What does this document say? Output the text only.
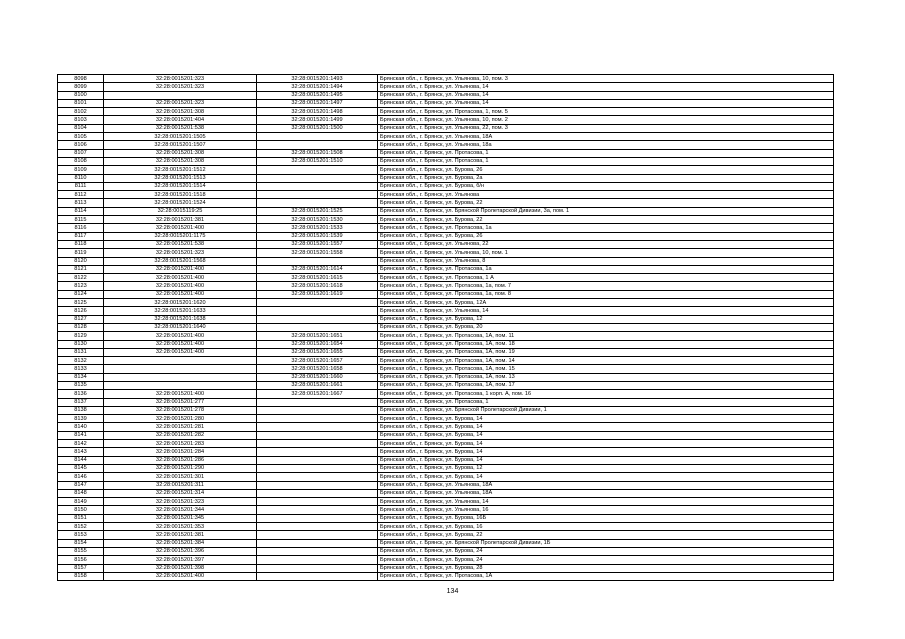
8098	32:28:0015201:323	32:28:0015201:1493	Брянская обл., г. Брянск, ул. Ульянова, 10, пом. 3
8099	32:28:0015201:323	32:28:0015201:1494	Брянская обл., г. Брянск, ул. Ульянова, 14
8100		32:28:0015201:1495	Брянская обл., г. Брянск, ул. Ульянова, 14
8101	32:28:0015201:323	32:28:0015201:1497	Брянская обл., г. Брянск, ул. Ульянова, 14
8102	32:28:0015201:308	32:28:0015201:1498	Брянская обл., г. Брянск, ул. Протасова, 1, пом. 5
8103	32:28:0015201:404	32:28:0015201:1499	Брянская обл., г. Брянск, ул. Ульянова, 10, пом. 2
8104	32:28:0015201:538	32:28:0015201:1500	Брянская обл., г. Брянск, ул. Ульянова, 22, пом. 3
8105	32:28:0015201:1505		Брянская обл., г. Брянск, ул. Ульянова, 18А
8106	32:28:0015201:1507		Брянская обл., г. Брянск, ул. Ульянова, 18а
8107	32:28:0015201:308	32:28:0015201:1508	Брянская обл., г. Брянск, ул. Протасова, 1
8108	32:28:0015201:308	32:28:0015201:1510	Брянская обл., г. Брянск, ул. Протасова, 1
8109	32:28:0015201:1512		Брянская обл., г. Брянск, ул. Бурова, 26
8110	32:28:0015201:1513		Брянская обл., г. Брянск, ул. Бурова, 2а
8111	32:28:0015201:1514		Брянская обл., г. Брянск, ул. Бурова, б/н
8112	32:28:0015201:1518		Брянская обл., г. Брянск, ул. Ульянова
8113	32:28:0015201:1524		Брянская обл., г. Брянск, ул. Бурова, 22
8114	32:28:0015119:25	32:28:0015201:1525	Брянская обл., г. Брянск, ул. Брянской Пролетарской Дивизии, 3а, пом. 1
8115	32:28:0015201:381	32:28:0015201:1530	Брянская обл., г. Брянск, ул. Бурова, 22
8116	32:28:0015201:400	32:28:0015201:1533	Брянская обл., г. Брянск, ул. Протасова, 1а
8117	32:28:0015201:1175	32:28:0015201:1539	Брянская обл., г. Брянск, ул. Бурова, 26
8118	32:28:0015201:538	32:28:0015201:1557	Брянская обл., г. Брянск, ул. Ульянова, 22
8119	32:28:0015201:323	32:28:0015201:1558	Брянская обл., г. Брянск, ул. Ульянова, 10, пом. 1
8120	32:28:0015201:1568		Брянская обл., г. Брянск, ул. Ульянова, 8
8121	32:28:0015201:400	32:28:0015201:1614	Брянская обл., г. Брянск, ул. Протасова, 1а
8122	32:28:0015201:400	32:28:0015201:1615	Брянская обл., г. Брянск, ул. Протасова, 1 А
8123	32:28:0015201:400	32:28:0015201:1618	Брянская обл., г. Брянск, ул. Протасова, 1а, пом. 7
8124	32:28:0015201:400	32:28:0015201:1619	Брянская обл., г. Брянск, ул. Протасова, 1а, пом. 8
8125	32:28:0015201:1620		Брянская обл., г. Брянск, ул. Бурова, 12А
8126	32:28:0015201:1633		Брянская обл., г. Брянск, ул. Ульянова, 14
8127	32:28:0015201:1638		Брянская обл., г. Брянск, ул. Бурова, 12
8128	32:28:0015201:1640		Брянская обл., г. Брянск, ул. Бурова, 20
8129	32:28:0015201:400	32:28:0015201:1651	Брянская обл., г. Брянск, ул. Протасова, 1А, пом. 11
8130	32:28:0015201:400	32:28:0015201:1654	Брянская обл., г. Брянск, ул. Протасова, 1А, пом. 18
8131	32:28:0015201:400	32:28:0015201:1655	Брянская обл., г. Брянск, ул. Протасова, 1А, пом. 19
8132		32:28:0015201:1657	Брянская обл., г. Брянск, ул. Протасова, 1А, пом. 14
8133		32:28:0015201:1658	Брянская обл., г. Брянск, ул. Протасова, 1А, пом. 15
8134		32:28:0015201:1660	Брянская обл., г. Брянск, ул. Протасова, 1А, пом. 13
8135		32:28:0015201:1661	Брянская обл., г. Брянск, ул. Протасова, 1А, пом. 17
8136	32:28:0015201:400	32:28:0015201:1667	Брянская обл., г. Брянск, ул. Протасова, 1 корп. А, пом. 16
8137	32:28:0015201:277		Брянская обл., г. Брянск, ул. Протасова, 1
8138	32:28:0015201:278		Брянская обл., г. Брянск, ул. Брянской Пролетарской Дивизии, 1
8139	32:28:0015201:280		Брянская обл., г. Брянск, ул. Бурова, 14
8140	32:28:0015201:281		Брянская обл., г. Брянск, ул. Бурова, 14
8141	32:28:0015201:282		Брянская обл., г. Брянск, ул. Бурова, 14
8142	32:28:0015201:283		Брянская обл., г. Брянск, ул. Бурова, 14
8143	32:28:0015201:284		Брянская обл., г. Брянск, ул. Бурова, 14
8144	32:28:0015201:286		Брянская обл., г. Брянск, ул. Бурова, 14
8145	32:28:0015201:290		Брянская обл., г. Брянск, ул. Бурова, 12
8146	32:28:0015201:301		Брянская обл., г. Брянск, ул. Бурова, 14
8147	32:28:0015201:311		Брянская обл., г. Брянск, ул. Ульянова, 18А
8148	32:28:0015201:314		Брянская обл., г. Брянск, ул. Ульянова, 18А
8149	32:28:0015201:323		Брянская обл., г. Брянск, ул. Ульянова, 14
8150	32:28:0015201:344		Брянская обл., г. Брянск, ул. Ульянова, 16
8151	32:28:0015201:345		Брянская обл., г. Брянск, ул. Бурова, 16Б
8152	32:28:0015201:353		Брянская обл., г. Брянск, ул. Бурова, 16
8153	32:28:0015201:381		Брянская обл., г. Брянск, ул. Бурова, 22
8154	32:28:0015201:384		Брянская обл., г. Брянск, ул. Брянской Пролетарской Дивизии, 1Б
8155	32:28:0015201:396		Брянская обл., г. Брянск, ул. Бурова, 24
8156	32:28:0015201:397		Брянская обл., г. Брянск, ул. Бурова, 24
8157	32:28:0015201:398		Брянская обл., г. Брянск, ул. Бурова, 28
8158	32:28:0015201:400		Брянская обл., г. Брянск, ул. Протасова, 1А
134
